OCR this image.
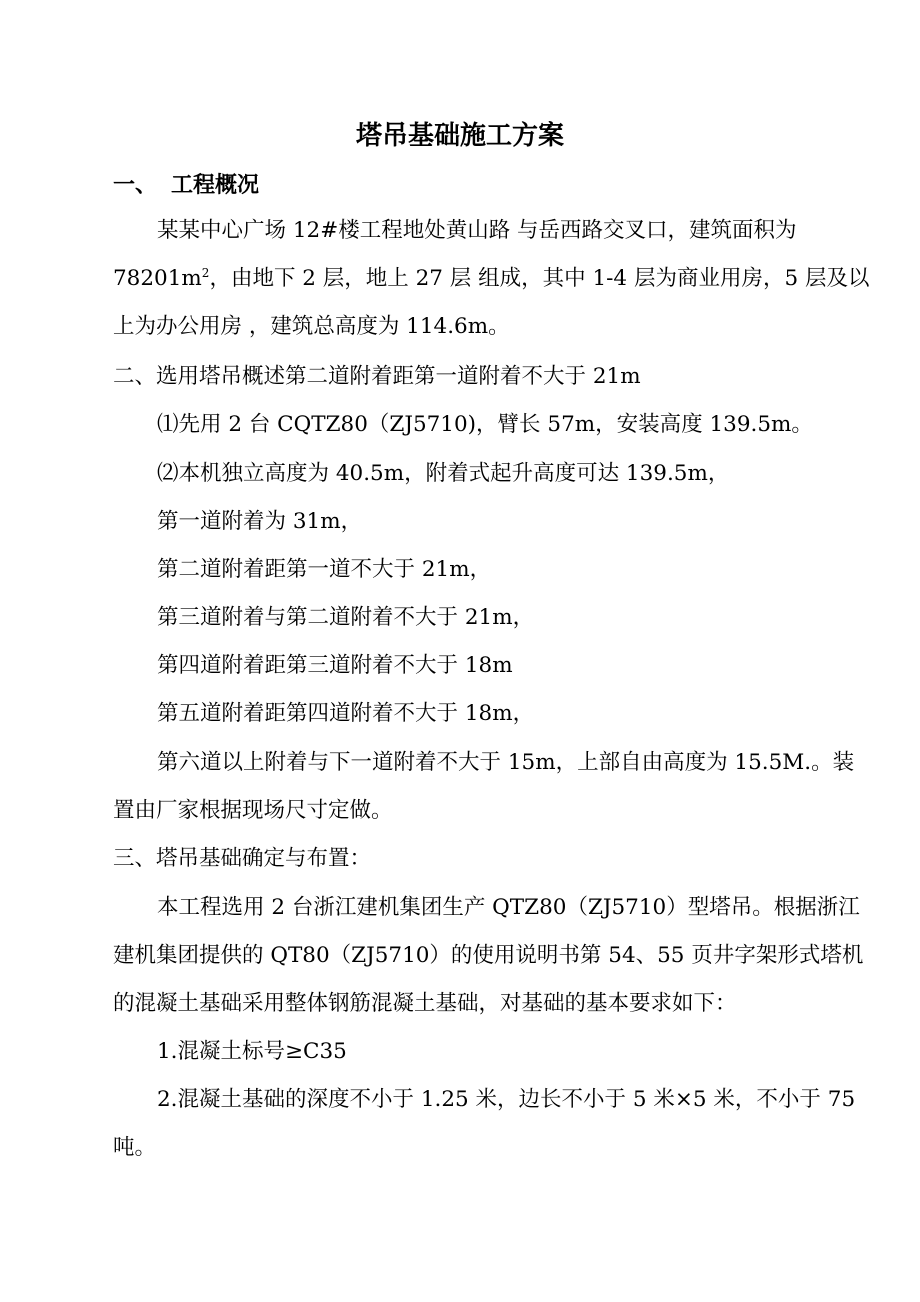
塔吊基础施工方案
一、 工程概况
某某中心广场 12#楼工程地处黄山路 与岳西路交叉口，建筑面积为
$78201m^2$，由地下 2 层，地上 27 层 组成，其中 1-4 层为商业用房，5 层及以
上为办公用房 ，建筑总高度为 114.6m。
二、选用塔吊概述第二道附着距第一道附着不大于 21m
⑴先用 2 台 CQTZ80（ZJ5710)，臂长 57m，安装高度 139.5m。
⑵本机独立高度为 40.5m，附着式起升高度可达 139.5m，
第一道附着为 31m，
第二道附着距第一道不大于 21m，
第三道附着与第二道附着不大于 21m，
第四道附着距第三道附着不大于 18m
第五道附着距第四道附着不大于 18m，
第六道以上附着与下一道附着不大于 15m，上部自由高度为 15.5M.。装
置由厂家根据现场尺寸定做。
三、塔吊基础确定与布置：
本工程选用 2 台浙江建机集团生产 QTZ80（ZJ5710）型塔吊。根据浙江
建机集团提供的 QT80（ZJ5710）的使用说明书第 54、55 页井字架形式塔机
的混凝土基础采用整体钢筋混凝土基础，对基础的基本要求如下：
1.混凝土标号≥C35
2.混凝土基础的深度不小于 1.25 米，边长不小于 5 米×5 米，不小于 75
吨。
